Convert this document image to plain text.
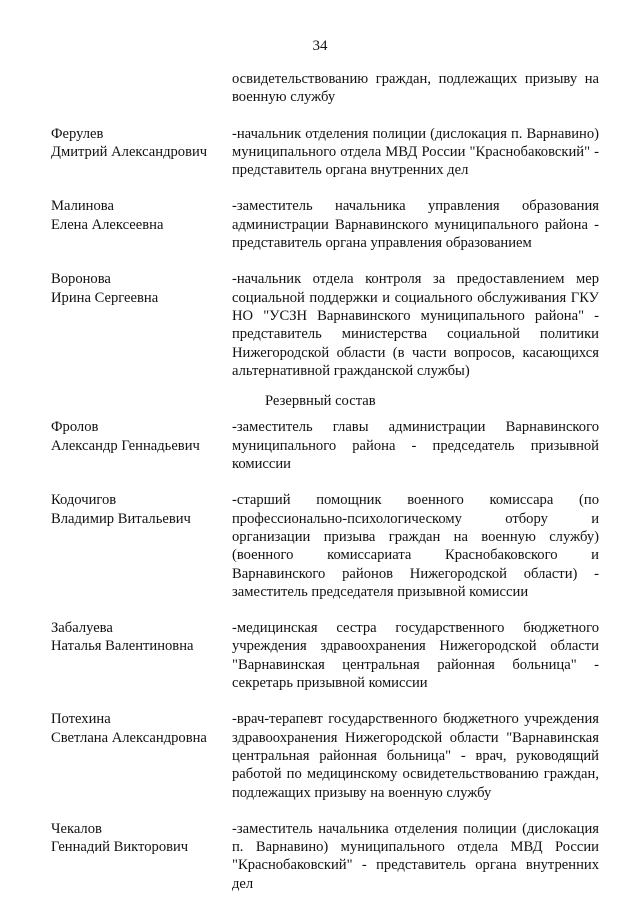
34
освидетельствованию граждан, подлежащих призыву на военную службу
Ферулев
Дмитрий Александрович
-начальник отделения полиции (дислокация п. Варнавино) муниципального отдела МВД России "Краснобаковский" - представитель органа внутренних дел
Малинова
Елена Алексеевна
-заместитель начальника управления образования администрации Варнавинского муниципального района - представитель органа управления образованием
Воронова
Ирина Сергеевна
-начальник отдела контроля за предоставлением мер социальной поддержки и социального обслуживания ГКУ НО "УСЗН Варнавинского муниципального района" - представитель министерства социальной политики Нижегородской области (в части вопросов, касающихся альтернативной гражданской службы)
Резервный состав
Фролов
Александр Геннадьевич
-заместитель главы администрации Варнавинского муниципального района - председатель призывной комиссии
Кодочигов
Владимир Витальевич
-старший помощник военного комиссара (по профессионально-психологическому отбору и организации призыва граждан на военную службу) (военного комиссариата Краснобаковского и Варнавинского районов Нижегородской области) - заместитель председателя призывной комиссии
Забалуева
Наталья Валентиновна
-медицинская сестра государственного бюджетного учреждения здравоохранения Нижегородской области "Варнавинская центральная районная больница" - секретарь призывной комиссии
Потехина
Светлана Александровна
-врач-терапевт государственного бюджетного учреждения здравоохранения Нижегородской области "Варнавинская центральная районная больница" - врач, руководящий работой по медицинскому освидетельствованию граждан, подлежащих призыву на военную службу
Чекалов
Геннадий Викторович
-заместитель начальника отделения полиции (дислокация п. Варнавино) муниципального отдела МВД России "Краснобаковский" - представитель органа внутренних дел
